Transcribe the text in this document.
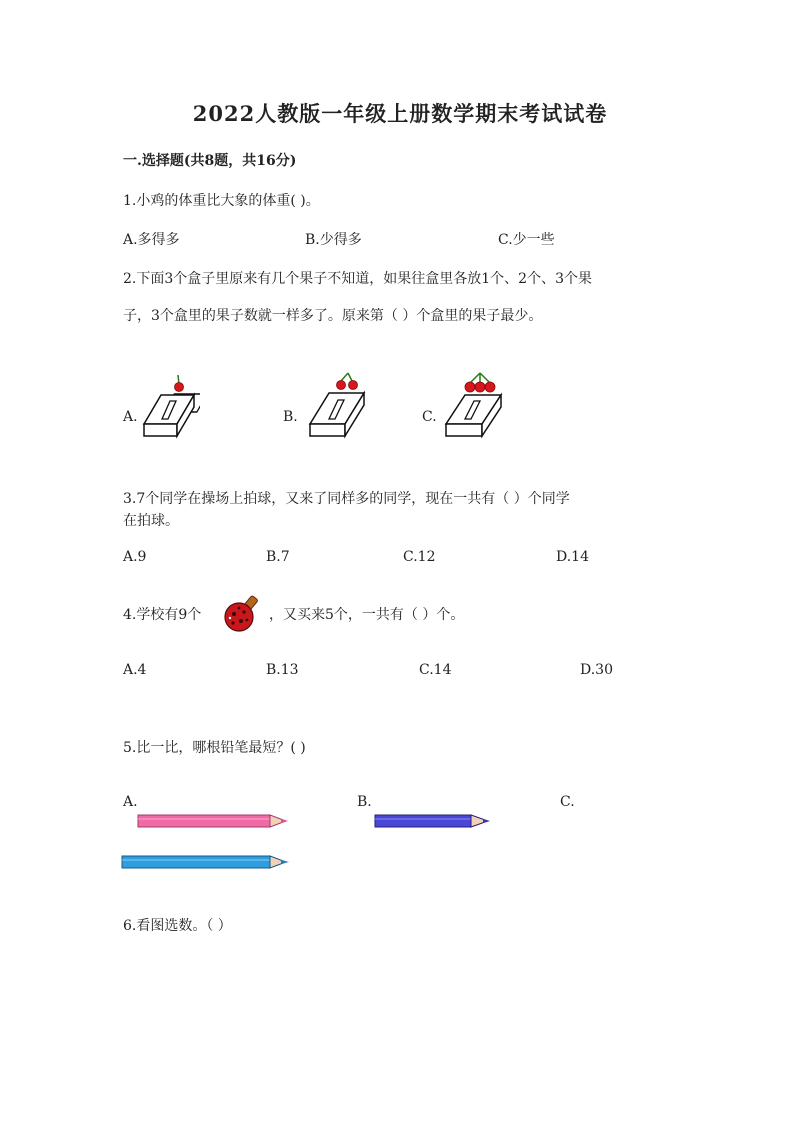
2022人教版一年级上册数学期末考试试卷
一.选择题(共8题，共16分)
1.小鸡的体重比大象的体重( )。
A.多得多	B.少得多	C.少一些
2.下面3个盒子里原来有几个果子不知道，如果往盒里各放1个、2个、3个果
子，3个盒里的果子数就一样多了。原来第（ ）个盒里的果子最少。
A.	B.	C.
3.7个同学在操场上拍球，又来了同样多的同学，现在一共有（ ）个同学
在拍球。
A.9	B.7	C.12	D.14
4.学校有9个	，又买来5个，一共有（ ）个。
A.4	B.13	C.14	D.30
5.比一比，哪根铅笔最短？( )
A.	B.	C.
6.看图选数。（ ）
